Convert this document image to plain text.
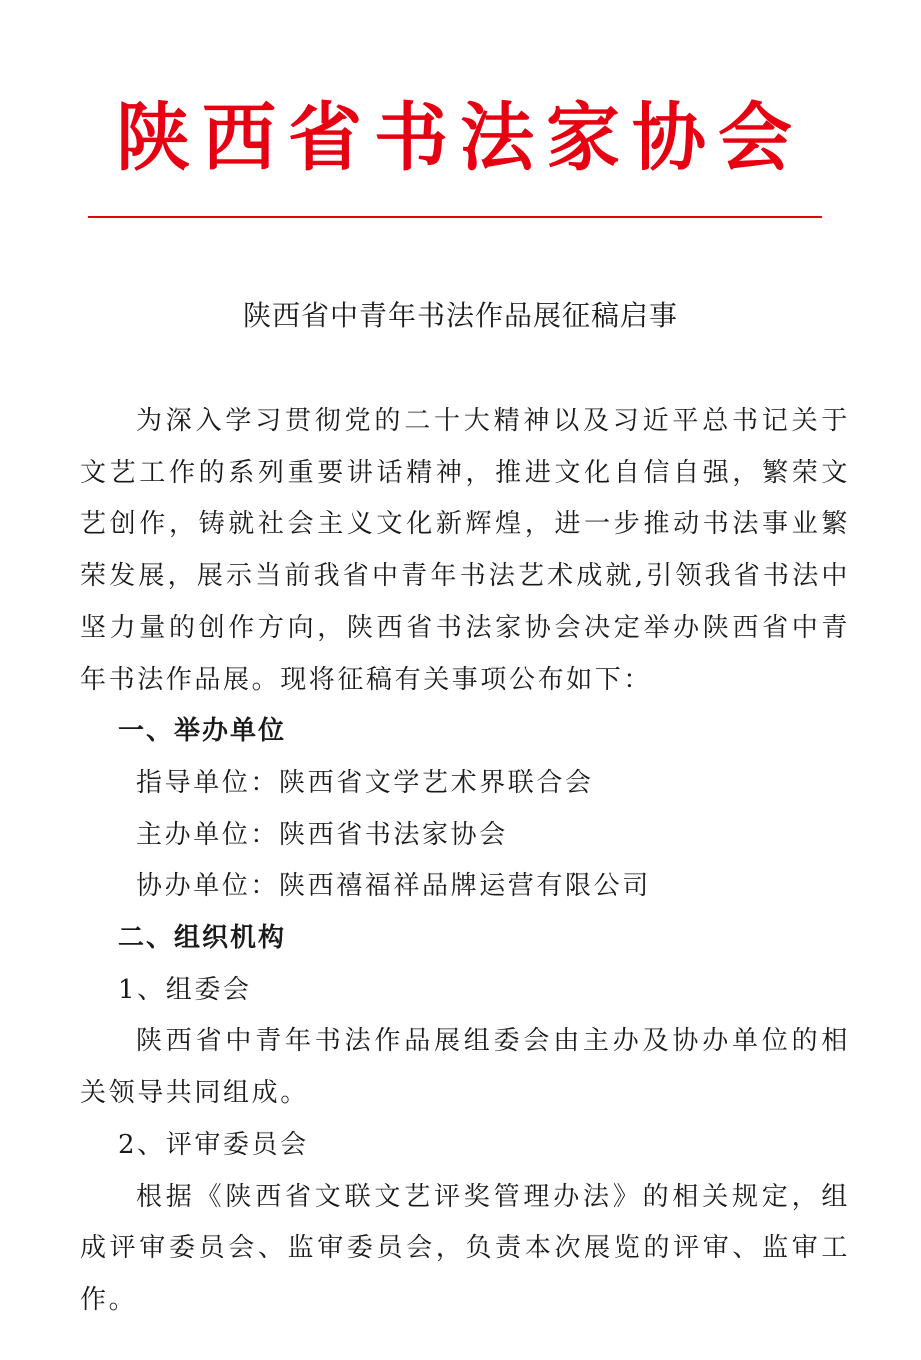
陕西省书法家协会
陕西省中青年书法作品展征稿启事

为深入学习贯彻党的二十大精神以及习近平总书记关于文艺工作的系列重要讲话精神，推进文化自信自强，繁荣文艺创作，铸就社会主义文化新辉煌，进一步推动书法事业繁荣发展，展示当前我省中青年书法艺术成就,引领我省书法中坚力量的创作方向，陕西省书法家协会决定举办陕西省中青年书法作品展。现将征稿有关事项公布如下：

一、举办单位

指导单位：陕西省文学艺术界联合会

主办单位：陕西省书法家协会

协办单位：陕西禧福祥品牌运营有限公司

二、组织机构

1、组委会

陕西省中青年书法作品展组委会由主办及协办单位的相关领导共同组成。

2、评审委员会

根据《陕西省文联文艺评奖管理办法》的相关规定，组成评审委员会、监审委员会，负责本次展览的评审、监审工作。
